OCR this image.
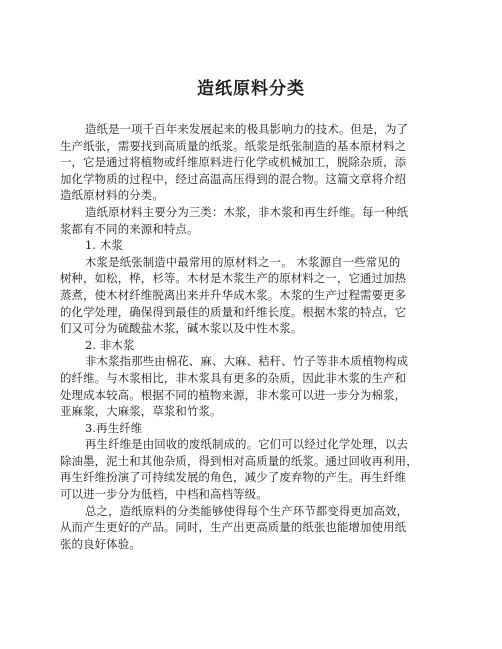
造纸原料分类
造纸是一项千百年来发展起来的极具影响力的技术。但是，为了
生产纸张，需要找到高质量的纸浆。纸浆是纸张制造的基本原材料之
一，它是通过将植物或纤维原料进行化学或机械加工，脱除杂质，添
加化学物质的过程中，经过高温高压得到的混合物。这篇文章将介绍
造纸原材料的分类。
造纸原材料主要分为三类：木浆，非木浆和再生纤维。每一种纸
浆都有不同的来源和特点。
1. 木浆
木浆是纸张制造中最常用的原材料之一。 木浆源自一些常见的
树种，如松，桦，杉等。木材是木浆生产的原材料之一，它通过加热
蒸煮，使木材纤维脱离出来并升华成木浆。木浆的生产过程需要更多
的化学处理，确保得到最佳的质量和纤维长度。根据木浆的特点，它
们又可分为硫酸盐木浆，碱木浆以及中性木浆。
2. 非木浆
非木浆指那些由棉花、麻、大麻、秸秆、竹子等非木质植物构成
的纤维。与木浆相比，非木浆具有更多的杂质，因此非木浆的生产和
处理成本较高。根据不同的植物来源，非木浆可以进一步分为棉浆，
亚麻浆，大麻浆，草浆和竹浆。
3.再生纤维
再生纤维是由回收的废纸制成的。它们可以经过化学处理，以去
除油墨，泥土和其他杂质，得到相对高质量的纸浆。通过回收再利用，
再生纤维扮演了可持续发展的角色，减少了废弃物的产生。再生纤维
可以进一步分为低档，中档和高档等级。
总之，造纸原料的分类能够使得每个生产环节都变得更加高效，
从而产生更好的产品。同时，生产出更高质量的纸张也能增加使用纸
张的良好体验。
